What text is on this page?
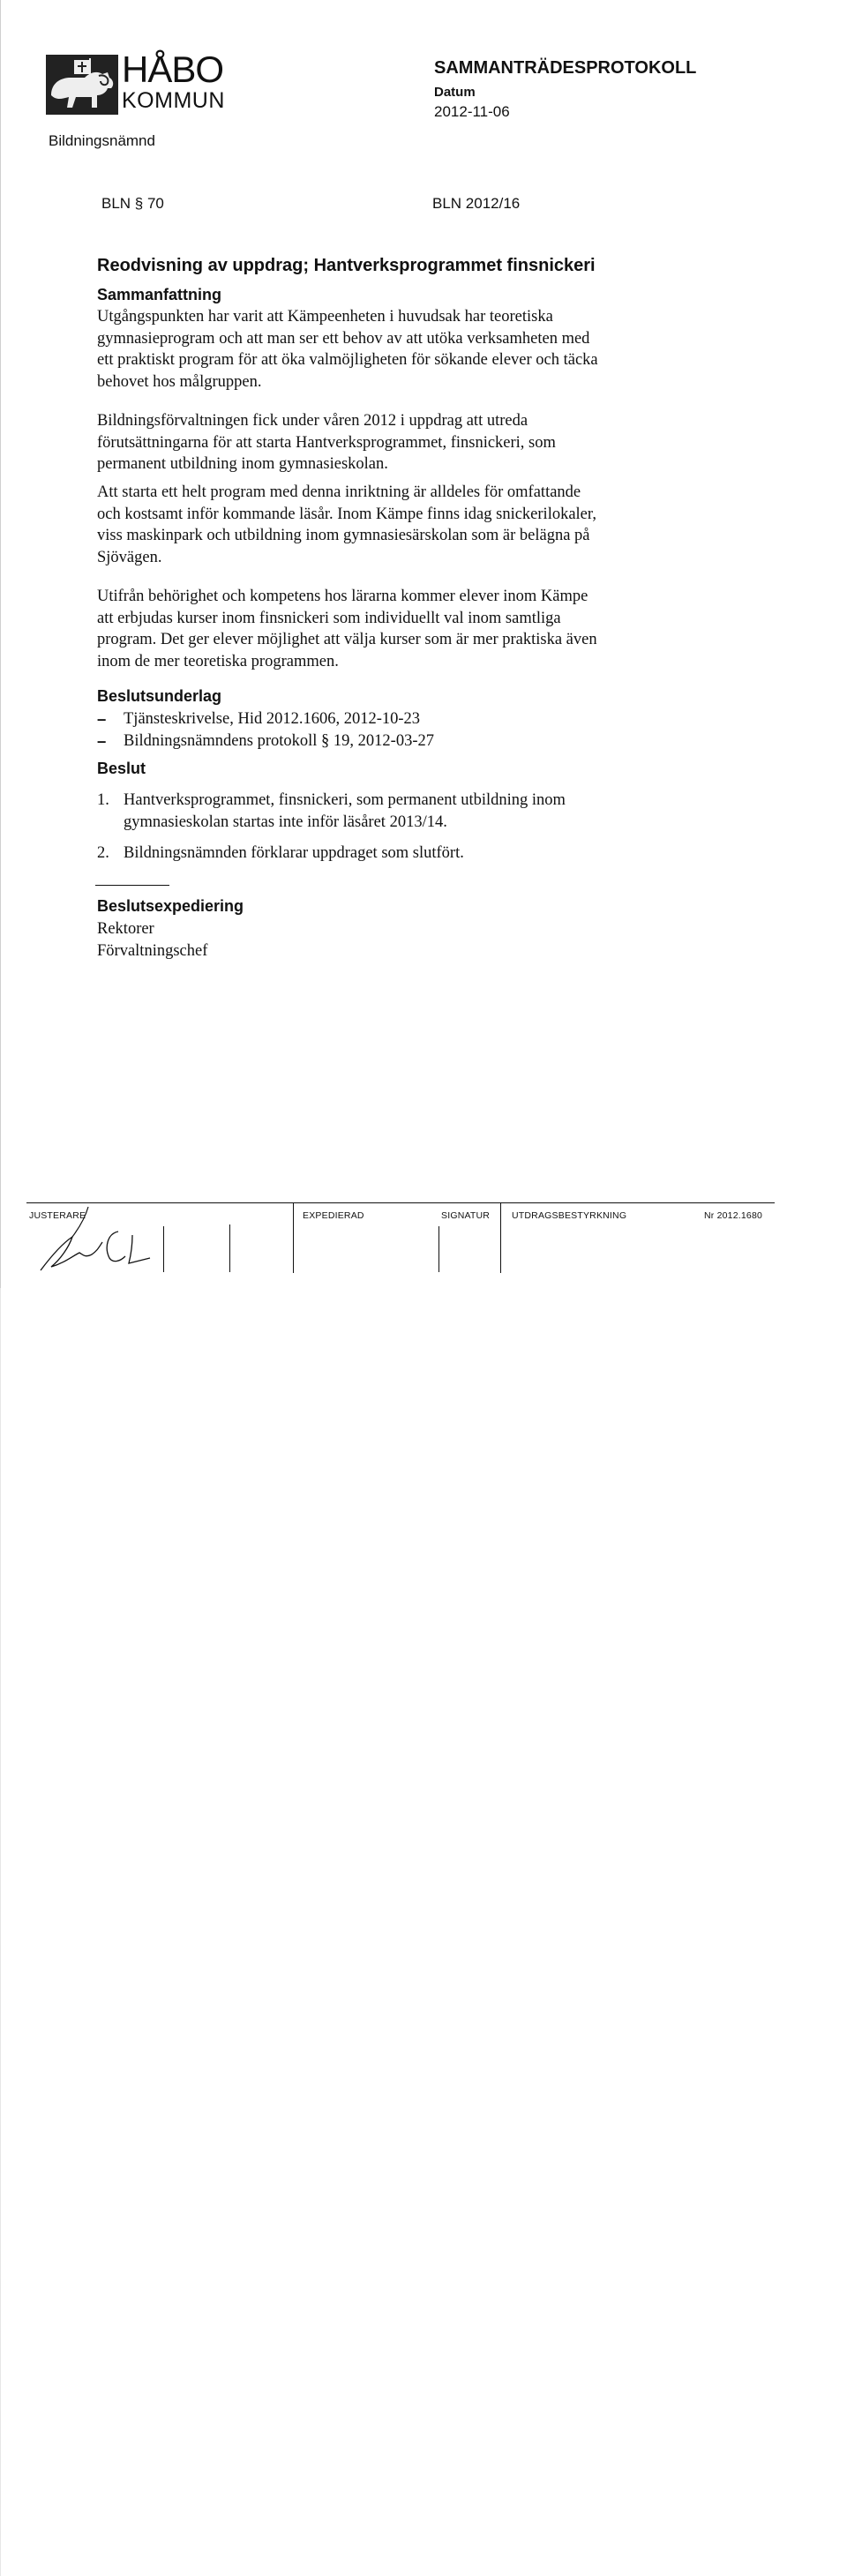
HÅBO
KOMMUN
Bildningsnämnd
SAMMANTRÄDESPROTOKOLL
Datum
2012-11-06
BLN § 70	BLN 2012/16
Reodvisning av uppdrag; Hantverksprogrammet finsnickeri
Sammanfattning
Utgångspunkten har varit att Kämpeenheten i huvudsak har teoretiska
gymnasieprogram och att man ser ett behov av att utöka verksamheten med
ett praktiskt program för att öka valmöjligheten för sökande elever och täcka
behovet hos målgruppen.
Bildningsförvaltningen fick under våren 2012 i uppdrag att utreda
förutsättningarna för att starta Hantverksprogrammet, finsnickeri, som
permanent utbildning inom gymnasieskolan.
Att starta ett helt program med denna inriktning är alldeles för omfattande
och kostsamt inför kommande läsår. Inom Kämpe finns idag snickerilokaler,
viss maskinpark och utbildning inom gymnasiesärskolan som är belägna på
Sjövägen.
Utifrån behörighet och kompetens hos lärarna kommer elever inom Kämpe
att erbjudas kurser inom finsnickeri som individuellt val inom samtliga
program. Det ger elever möjlighet att välja kurser som är mer praktiska även
inom de mer teoretiska programmen.
Beslutsunderlag
–	Tjänsteskrivelse, Hid 2012.1606, 2012-10-23
–	Bildningsnämndens protokoll § 19, 2012-03-27
Beslut
1. Hantverksprogrammet, finsnickeri, som permanent utbildning inom
gymnasieskolan startas inte inför läsåret 2013/14.
2. Bildningsnämnden förklarar uppdraget som slutfört.
Beslutsexpediering
Rektorer
Förvaltningschef
JUSTERARE	EXPEDIERAD	SIGNATUR UTDRAGSBESTYRKNING	Nr 2012.1680
